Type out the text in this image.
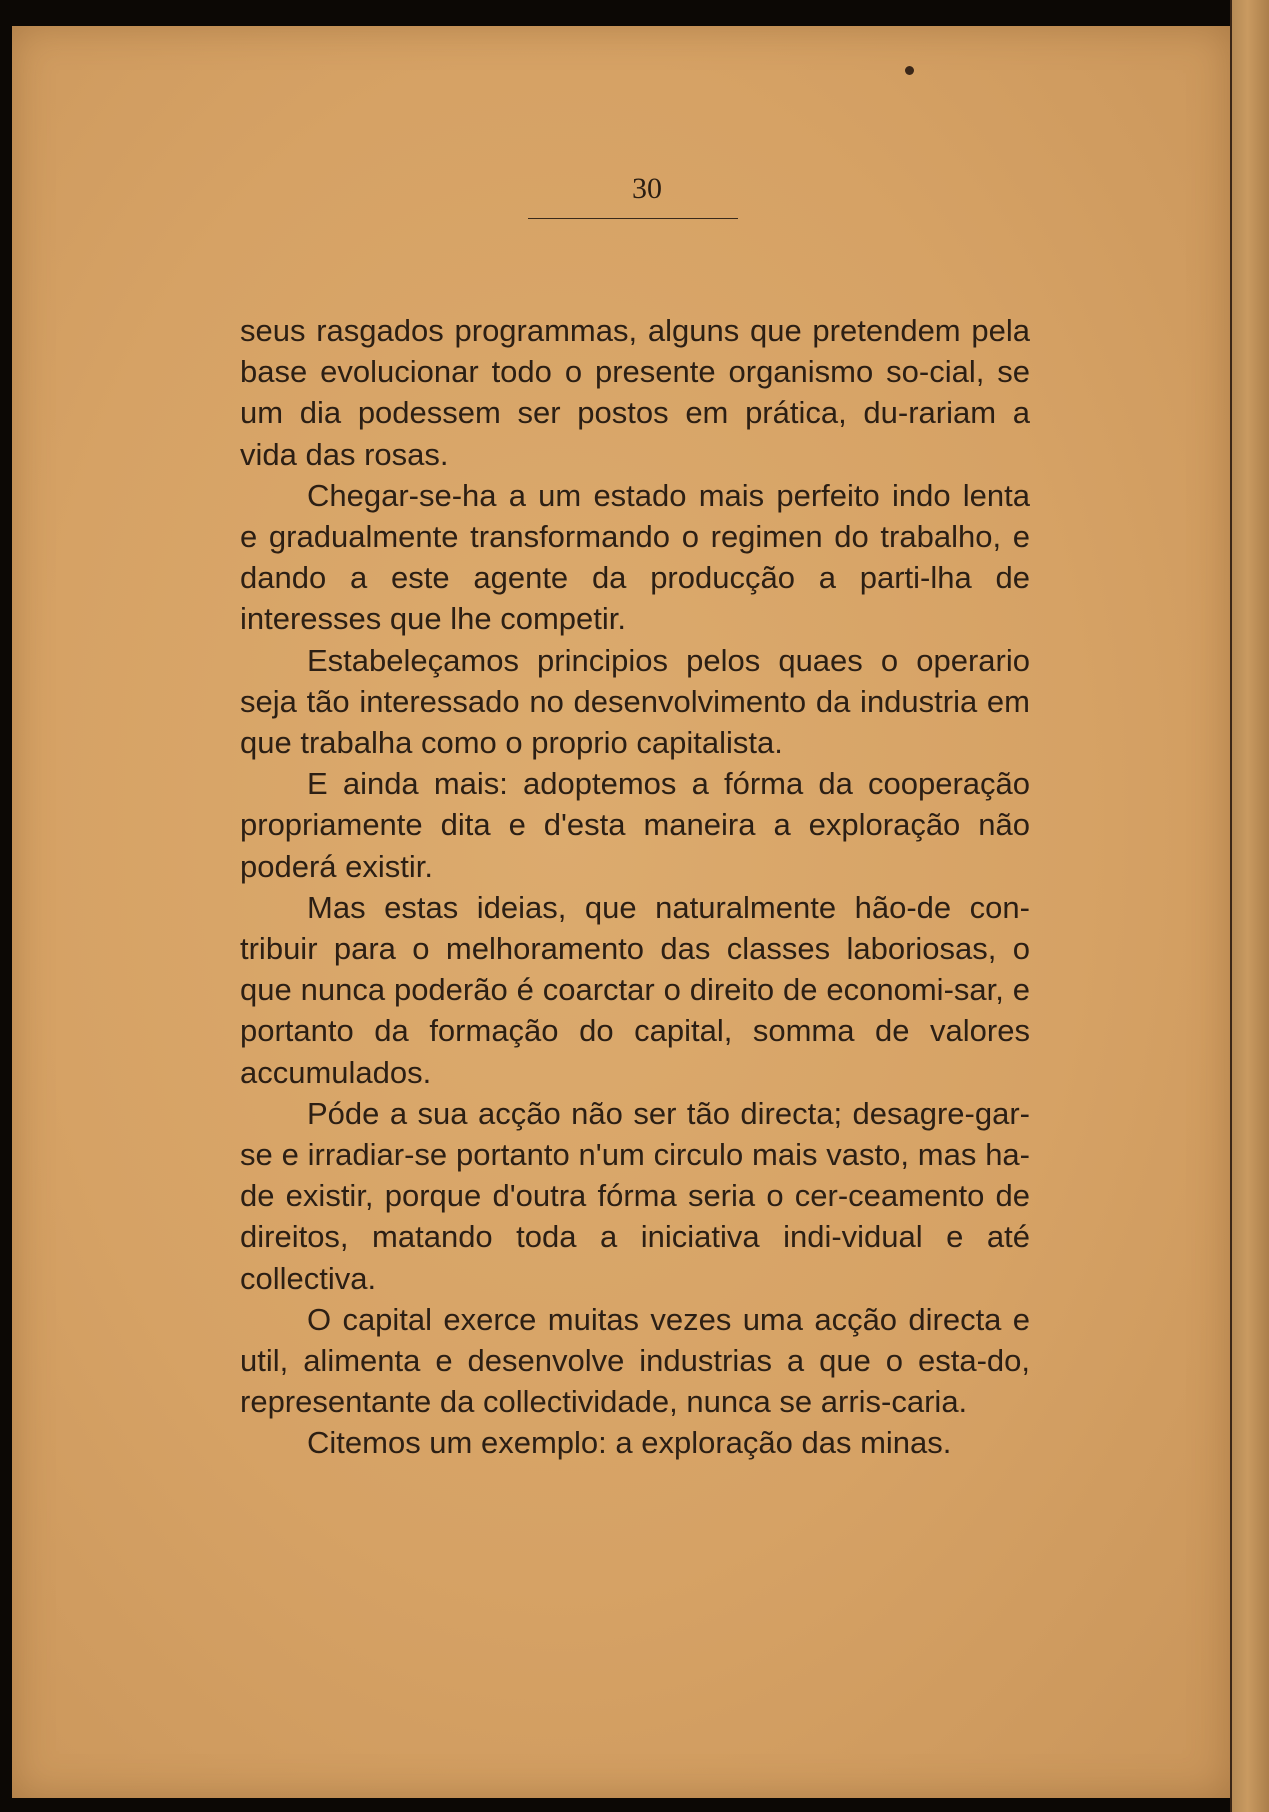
30

seus rasgados programmas, alguns que pretendem pela base evolucionar todo o presente organismo so-cial, se um dia podessem ser postos em prática, du-rariam a vida das rosas.

Chegar-se-ha a um estado mais perfeito indo lenta e gradualmente transformando o regimen do trabalho, e dando a este agente da producção a parti-lha de interesses que lhe competir.

Estabeleçamos principios pelos quaes o operario seja tão interessado no desenvolvimento da industria em que trabalha como o proprio capitalista.

E ainda mais: adoptemos a fórma da cooperação propriamente dita e d'esta maneira a exploração não poderá existir.

Mas estas ideias, que naturalmente hão-de con-tribuir para o melhoramento das classes laboriosas, o que nunca poderão é coarctar o direito de economi-sar, e portanto da formação do capital, somma de valores accumulados.

Póde a sua acção não ser tão directa; desagre-gar-se e irradiar-se portanto n'um circulo mais vasto, mas ha-de existir, porque d'outra fórma seria o cer-ceamento de direitos, matando toda a iniciativa indi-vidual e até collectiva.

O capital exerce muitas vezes uma acção directa e util, alimenta e desenvolve industrias a que o esta-do, representante da collectividade, nunca se arris-caria.

Citemos um exemplo: a exploração das minas.
